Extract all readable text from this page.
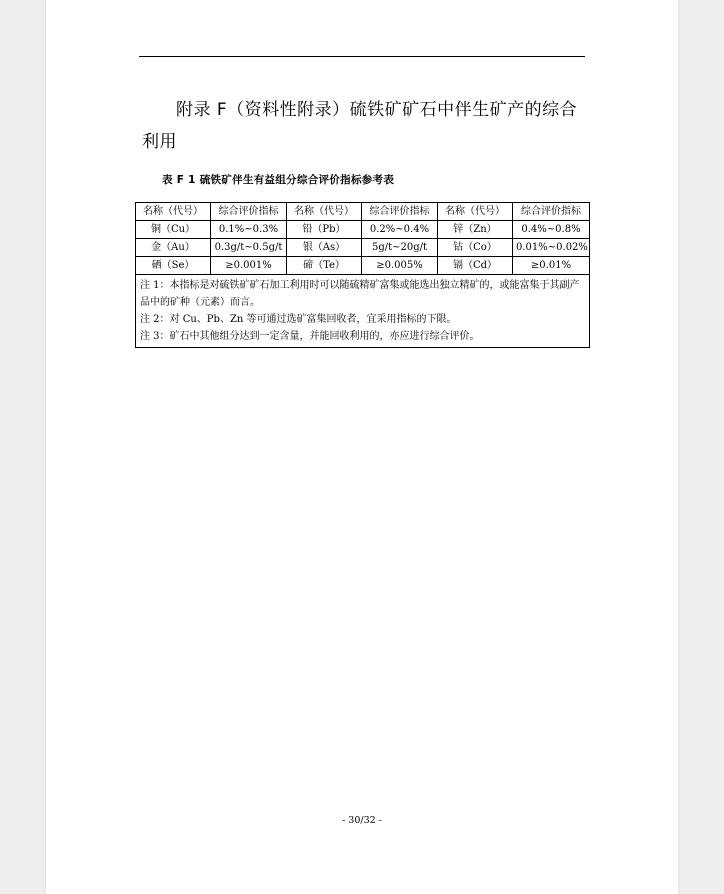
附录 F（资料性附录）硫铁矿矿石中伴生矿产的综合利用
表 F 1 硫铁矿伴生有益组分综合评价指标参考表
名称（代号）	综合评价指标	名称（代号）	综合评价指标	名称（代号）	综合评价指标
铜（Cu）	0.1%~0.3%	铅（Pb）	0.2%~0.4%	锌（Zn）	0.4%~0.8%
金（Au）	0.3g/t~0.5g/t	银（As）	5g/t~20g/t	钴（Co）	0.01%~0.02%
硒（Se）	≥0.001%	碲（Te）	≥0.005%	镉（Cd）	≥0.01%

注 1：本指标是对硫铁矿矿石加工利用时可以随硫精矿富集或能选出独立精矿的，或能富集于其副产品中的矿种（元素）而言。
注 2：对 Cu、Pb、Zn 等可通过选矿富集回收者，宜采用指标的下限。
注 3：矿石中其他组分达到一定含量，并能回收利用的，亦应进行综合评价。					
- 30/32 -
